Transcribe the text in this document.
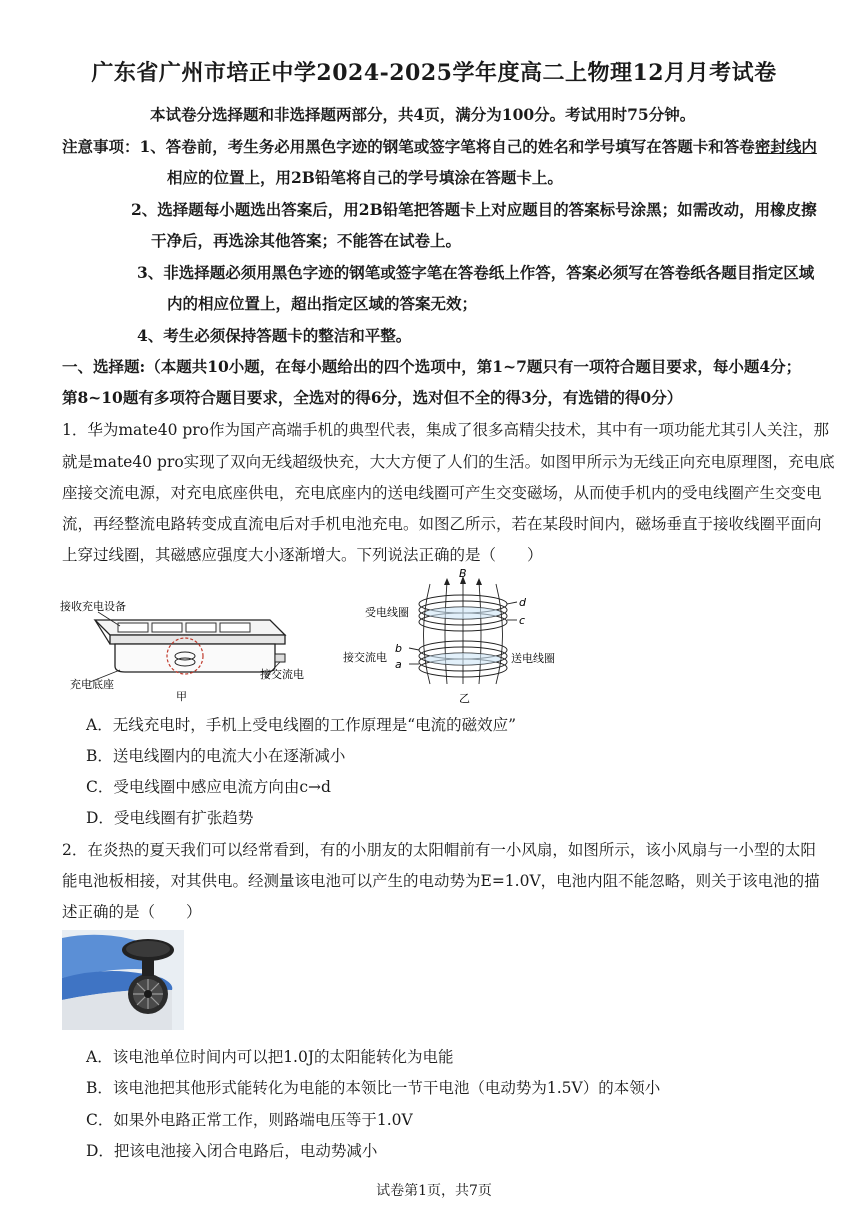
广东省广州市培正中学2024-2025学年度高二上物理12月月考试卷
本试卷分选择题和非选择题两部分，共4页，满分为100分。考试用时75分钟。
注意事项：1、答卷前，考生务必用黑色字迹的钢笔或签字笔将自己的姓名和学号填写在答题卡和答卷密封线内
相应的位置上，用2B铅笔将自己的学号填涂在答题卡上。
2、选择题每小题选出答案后，用2B铅笔把答题卡上对应题目的答案标号涂黑；如需改动，用橡皮擦
干净后，再选涂其他答案；不能答在试卷上。
3、非选择题必须用黑色字迹的钢笔或签字笔在答卷纸上作答，答案必须写在答卷纸各题目指定区域
内的相应位置上，超出指定区域的答案无效；
4、考生必须保持答题卡的整洁和平整。
一、选择题:（本题共10小题，在每小题给出的四个选项中，第1~7题只有一项符合题目要求，每小题4分；
第8~10题有多项符合题目要求，全选对的得6分，选对但不全的得3分，有选错的得0分）
1．华为mate40 pro作为国产高端手机的典型代表，集成了很多高精尖技术，其中有一项功能尤其引人关注，那
就是mate40 pro实现了双向无线超级快充，大大方便了人们的生活。如图甲所示为无线正向充电原理图，充电底
座接交流电源，对充电底座供电，充电底座内的送电线圈可产生交变磁场，从而使手机内的受电线圈产生交变电
流，再经整流电路转变成直流电后对手机电池充电。如图乙所示，若在某段时间内，磁场垂直于接收线圈平面向
上穿过线圈，其磁感应强度大小逐渐增大。下列说法正确的是（　　）
接收充电设备
充电底座
接交流电
甲
B
d
c
b
a
受电线圈
接交流电	送电线圈
乙
A．无线充电时，手机上受电线圈的工作原理是“电流的磁效应”
B．送电线圈内的电流大小在逐渐减小
C．受电线圈中感应电流方向由c→d
D．受电线圈有扩张趋势
2．在炎热的夏天我们可以经常看到，有的小朋友的太阳帽前有一小风扇，如图所示，该小风扇与一小型的太阳
能电池板相接，对其供电。经测量该电池可以产生的电动势为E=1.0V，电池内阻不能忽略，则关于该电池的描
述正确的是（　　）
A．该电池单位时间内可以把1.0J的太阳能转化为电能
B．该电池把其他形式能转化为电能的本领比一节干电池（电动势为1.5V）的本领小
C．如果外电路正常工作，则路端电压等于1.0V
D．把该电池接入闭合电路后，电动势减小
试卷第1页，共7页
